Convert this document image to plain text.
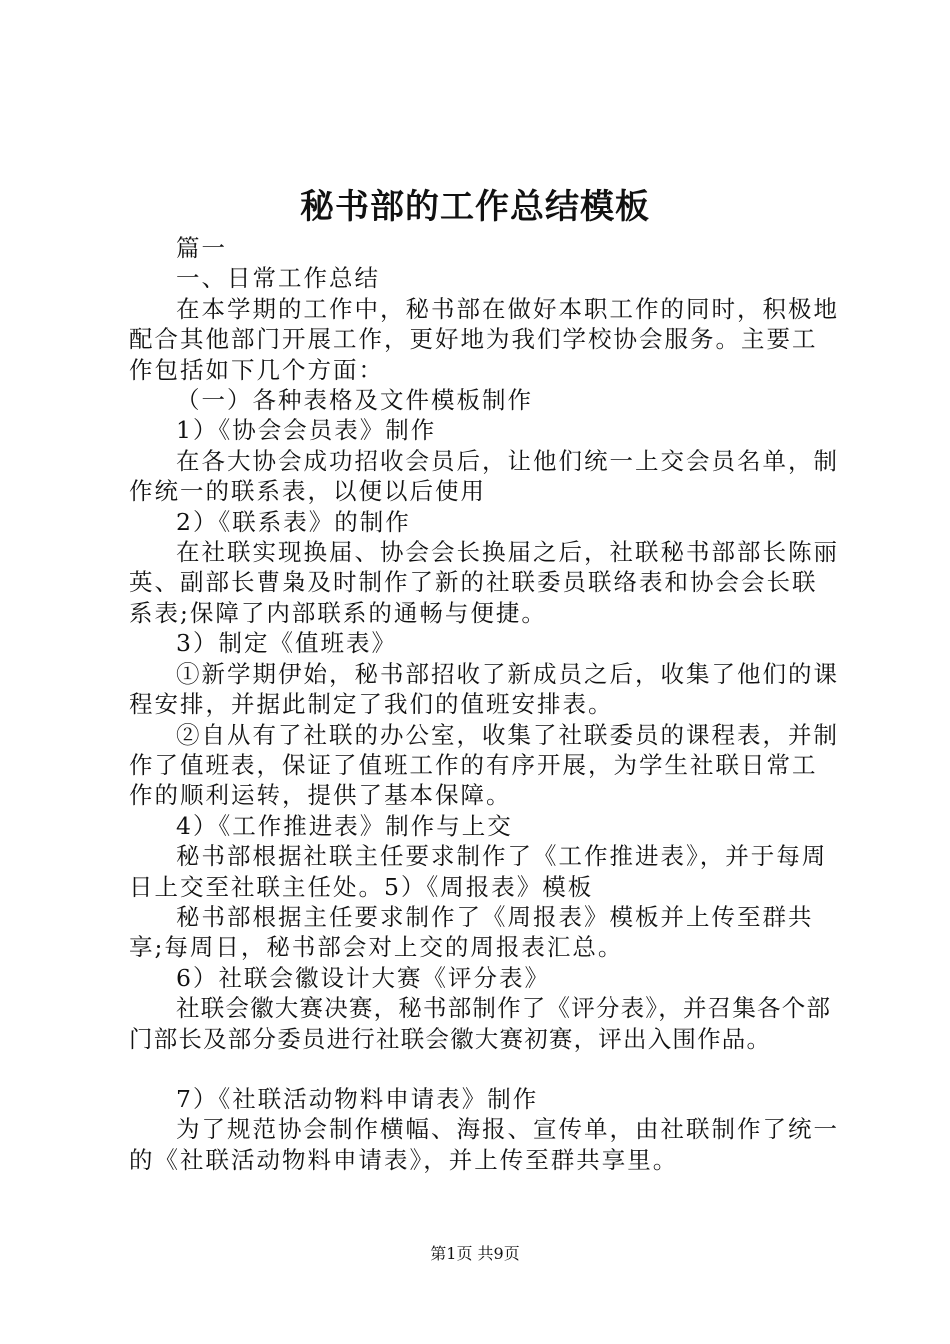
秘书部的工作总结模板

篇一

一、日常工作总结

在本学期的工作中，秘书部在做好本职工作的同时，积极地配合其他部门开展工作，更好地为我们学校协会服务。主要工作包括如下几个方面：

（一）各种表格及文件模板制作

1）《协会会员表》制作

在各大协会成功招收会员后，让他们统一上交会员名单，制作统一的联系表，以便以后使用

2）《联系表》的制作

在社联实现换届、协会会长换届之后，社联秘书部部长陈丽英、副部长曹枭及时制作了新的社联委员联络表和协会会长联系表;保障了内部联系的通畅与便捷。

3）制定《值班表》

①新学期伊始，秘书部招收了新成员之后，收集了他们的课程安排，并据此制定了我们的值班安排表。

②自从有了社联的办公室，收集了社联委员的课程表，并制作了值班表，保证了值班工作的有序开展，为学生社联日常工作的顺利运转，提供了基本保障。

4）《工作推进表》制作与上交

秘书部根据社联主任要求制作了《工作推进表》，并于每周日上交至社联主任处。5）《周报表》模板

秘书部根据主任要求制作了《周报表》模板并上传至群共享;每周日，秘书部会对上交的周报表汇总。

6）社联会徽设计大赛《评分表》

社联会徽大赛决赛，秘书部制作了《评分表》，并召集各个部门部长及部分委员进行社联会徽大赛初赛，评出入围作品。

7）《社联活动物料申请表》制作

为了规范协会制作横幅、海报、宣传单，由社联制作了统一的《社联活动物料申请表》，并上传至群共享里。

第1页 共9页
